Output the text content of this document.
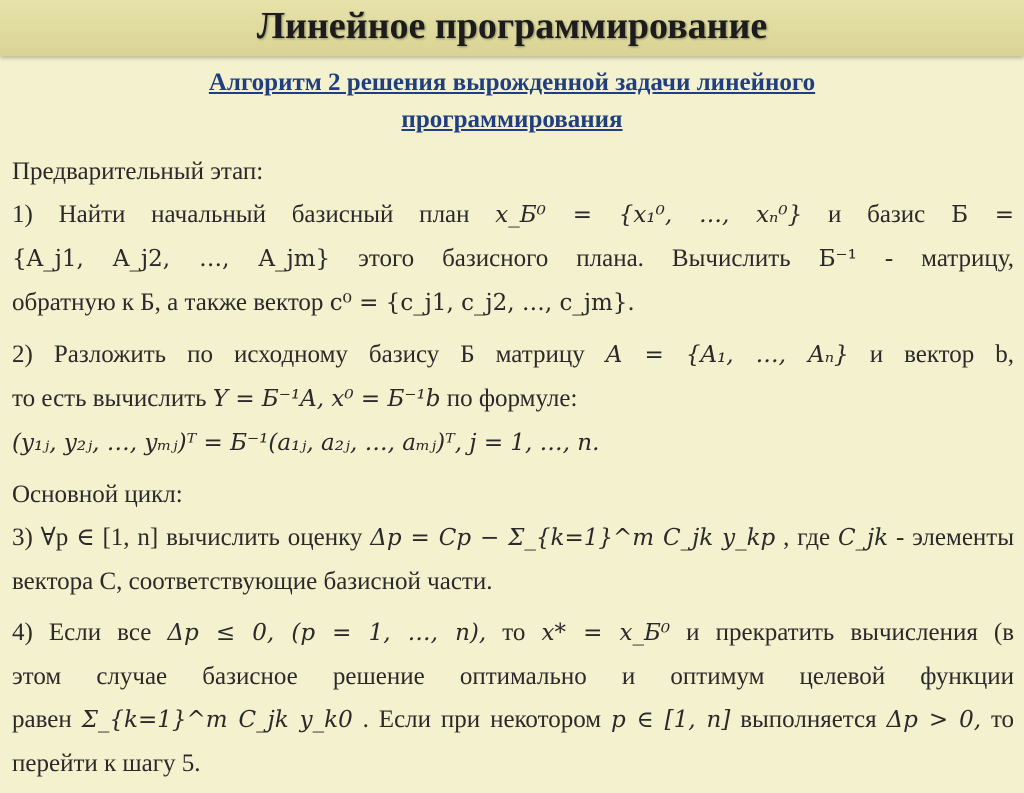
Линейное программирование
Алгоритм 2 решения вырожденной задачи линейного
программирования
Предварительный этап:
1) Найти начальный базисный план x_Б⁰ = {x₁⁰, …, xₙ⁰} и базис Б =
{A_j1, A_j2, …, A_jm} этого базисного плана. Вычислить Б⁻¹ - матрицу,
обратную к Б, а также вектор c⁰ = {c_j1, c_j2, …, c_jm}.
2) Разложить по исходному базису Б матрицу A = {A₁, …, Aₙ} и вектор b,
то есть вычислить Y = Б⁻¹A, x⁰ = Б⁻¹b по формуле:
(y₁ⱼ, y₂ⱼ, …, yₘⱼ)ᵀ = Б⁻¹(a₁ⱼ, a₂ⱼ, …, aₘⱼ)ᵀ, j = 1, …, n.
Основной цикл:
3) ∀p ∈ [1, n] вычислить оценку Δp = Cp − Σ_{k=1}^m C_jk y_kp , где C_jk - элементы
вектора C, соответствующие базисной части.
4) Если все Δp ≤ 0, (p = 1, …, n), то x* = x_Б⁰ и прекратить вычисления (в
этом случае базисное решение оптимально и оптимум целевой функции
равен Σ_{k=1}^m C_jk y_k0 . Если при некотором p ∈ [1, n] выполняется Δp > 0, то
перейти к шагу 5.
